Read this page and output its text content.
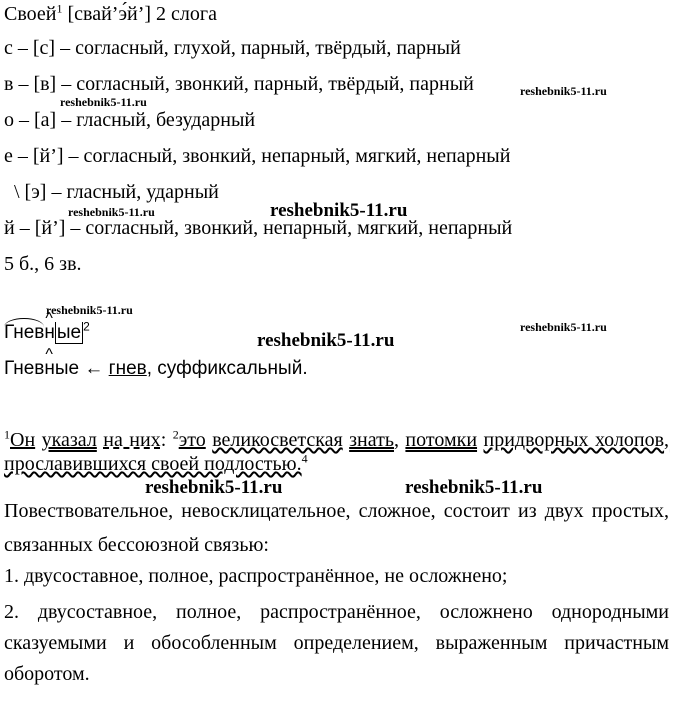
Своей$^1$ [свай’э́й’] 2 слога
с – [с] – согласный, глухой, парный, твёрдый, парный
в – [в] – согласный, звонкий, парный, твёрдый, парный
о – [а] – гласный, безударный
е – [й’] – согласный, звонкий, непарный, мягкий, непарный
\ [э] – гласный, ударный
й – [й’] – согласный, звонкий, непарный, мягкий, непарный
5 б., 6 зв.
Гнев^ н ые $^2$
Гнев^ ные ← гнев, суффиксальный.
$^1$Он указал на них: $^2$это великосветская знать, потомки придворных холопов, прославившихся своей подлостью.$^4$
Повествовательное, невосклицательное, сложное, состоит из двух простых, связанных бессоюзной связью:
1. двусоставное, полное, распространённое, не осложнено;
2. двусоставное, полное, распространённое, осложнено однородными сказуемыми и обособленным определением, выраженным причастным оборотом.
reshebnik5-11.ru
reshebnik5-11.ru
reshebnik5-11.ru	reshebnik5-11.ru
reshebnik5-11.ru
reshebnik5-11.ru
reshebnik5-11.ru
reshebnik5-11.ru	reshebnik5-11.ru
